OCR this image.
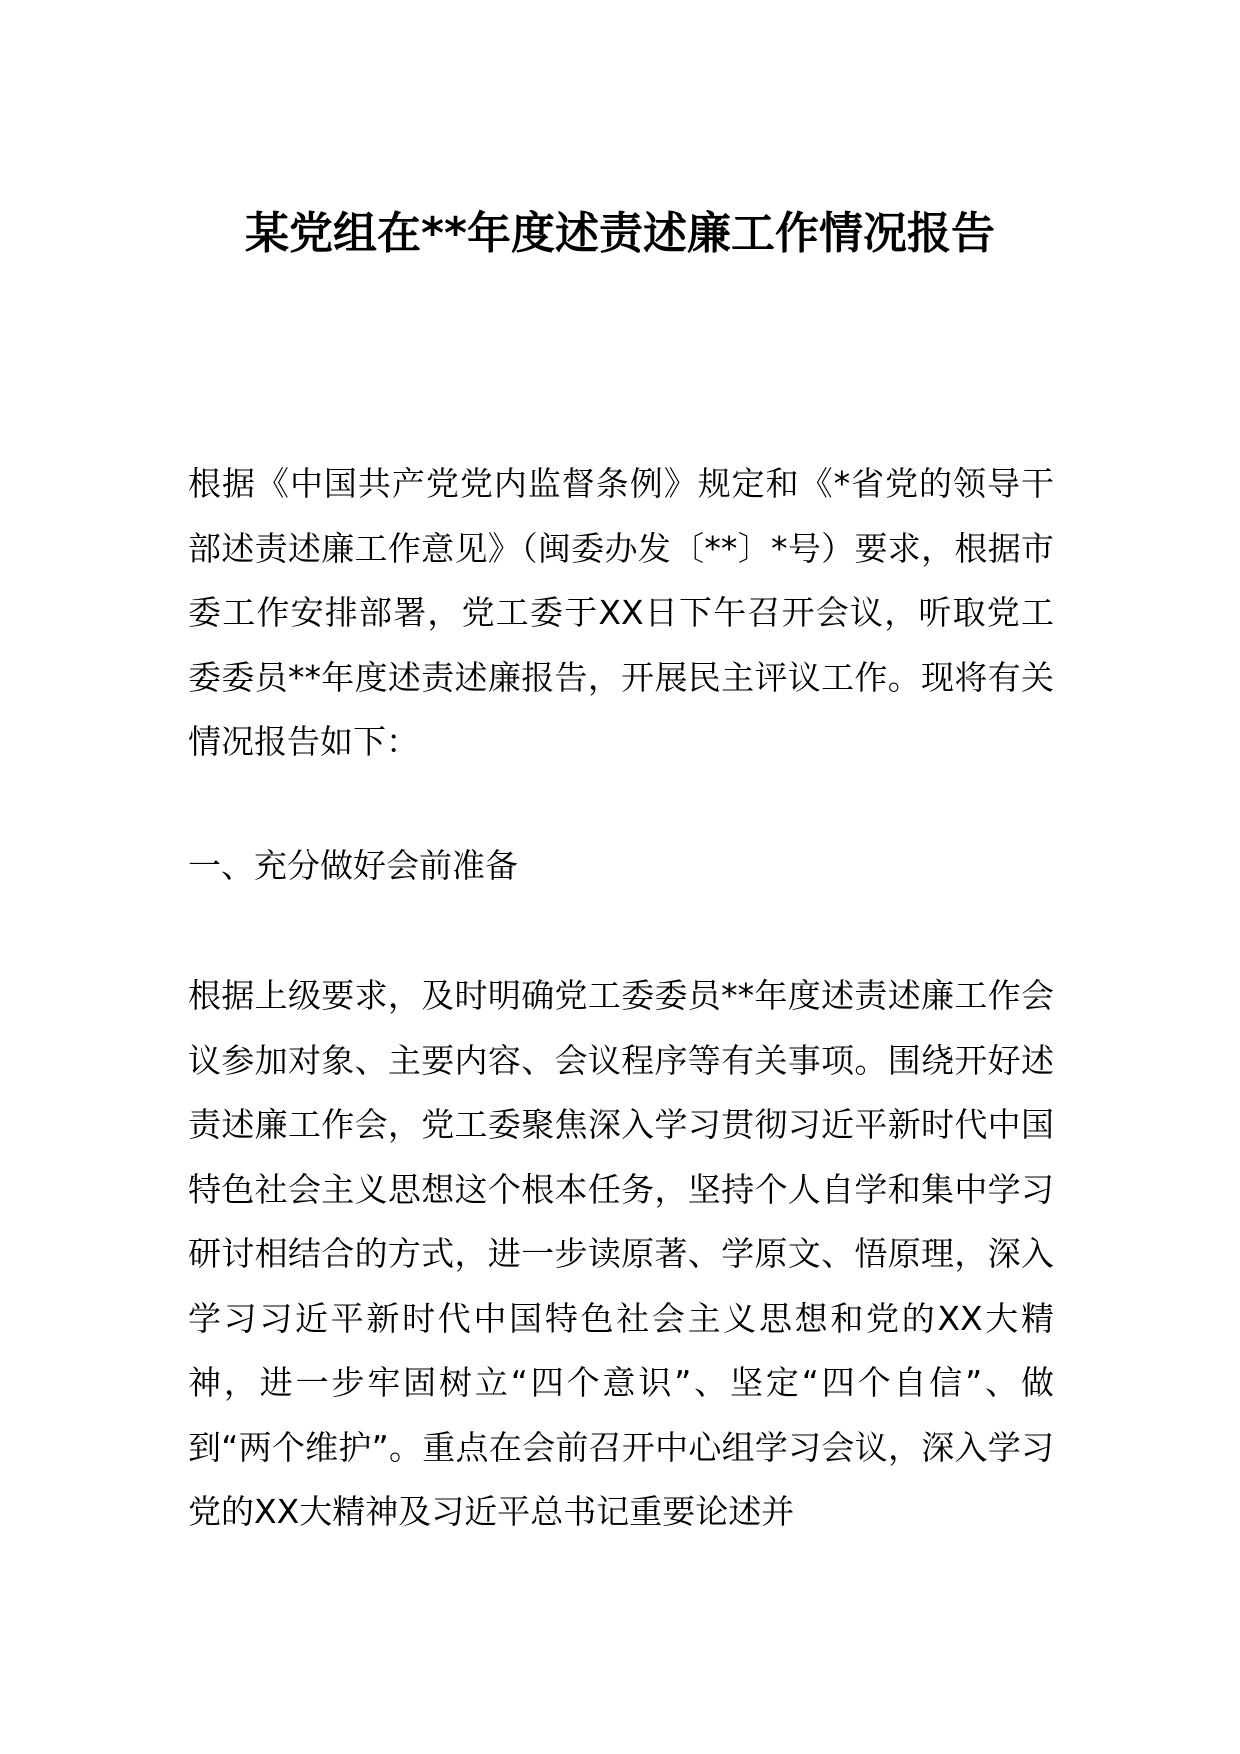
某党组在**年度述责述廉工作情况报告

根据《中国共产党党内监督条例》规定和《*省党的领导干部述责述廉工作意见》（闽委办发〔**〕*号）要求，根据市委工作安排部署，党工委于XX日下午召开会议，听取党工委委员**年度述责述廉报告，开展民主评议工作。现将有关情况报告如下：

一、充分做好会前准备

根据上级要求，及时明确党工委委员**年度述责述廉工作会议参加对象、主要内容、会议程序等有关事项。围绕开好述责述廉工作会，党工委聚焦深入学习贯彻习近平新时代中国特色社会主义思想这个根本任务，坚持个人自学和集中学习研讨相结合的方式，进一步读原著、学原文、悟原理，深入学习习近平新时代中国特色社会主义思想和党的XX大精神，进一步牢固树立“四个意识”、坚定“四个自信”、做到“两个维护”。重点在会前召开中心组学习会议，深入学习党的XX大精神及习近平总书记重要论述并
